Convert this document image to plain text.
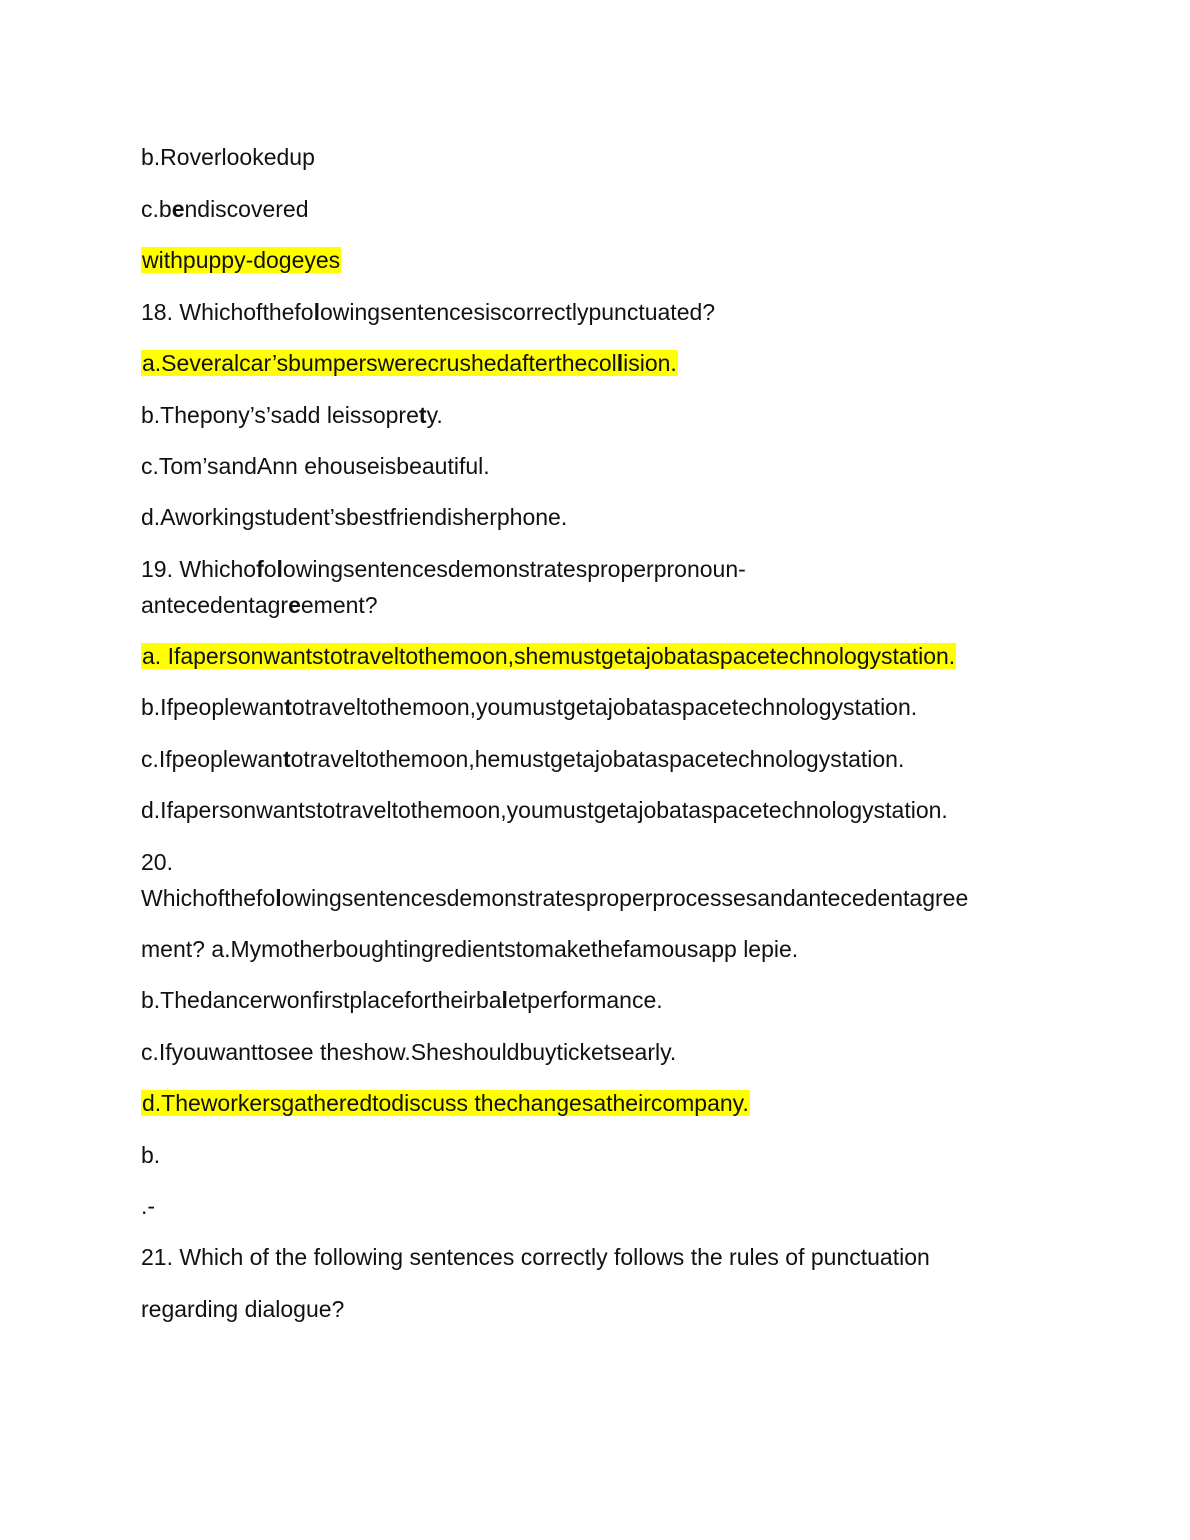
b.Roverlookedup
c.bendiscovered
withpuppy-dogeyes
18. Whichofthefolowingsentencesiscorrectlypunctuated?
a.Severalcar’sbumperswerecrushedafterthecollision.
b.Thepony’s’sadd leissoprety.
c.Tom’sandAnn ehouseisbeautiful.
d.Aworkingstudent’sbestfriendisherphone.
19. Whichofolowingsentencesdemonstratesproperpronoun-
antecedentagreement?
a. Ifapersonwantstotraveltothemoon,shemustgetajobataspacetechnologystation.
b.Ifpeoplewantotraveltothemoon,youmustgetajobataspacetechnologystation.
c.Ifpeoplewantotraveltothemoon,hemustgetajobataspacetechnologystation.
d.Ifapersonwantstotraveltothemoon,youmustgetajobataspacetechnologystation.
20.
Whichofthefolowingsentencesdemonstratesproperprocessesandantecedentagree
ment? a.Mymotherboughtingredientstomakethefamousapp lepie.
b.Thedancerwonfirstplacefortheirbaletperformance.
c.Ifyouwanttosee theshow.Sheshouldbuyticketsearly.
d.Theworkersgatheredtodiscuss thechangesatheircompany.
b.
.-
21. Which of the following sentences correctly follows the rules of punctuation
regarding dialogue?
